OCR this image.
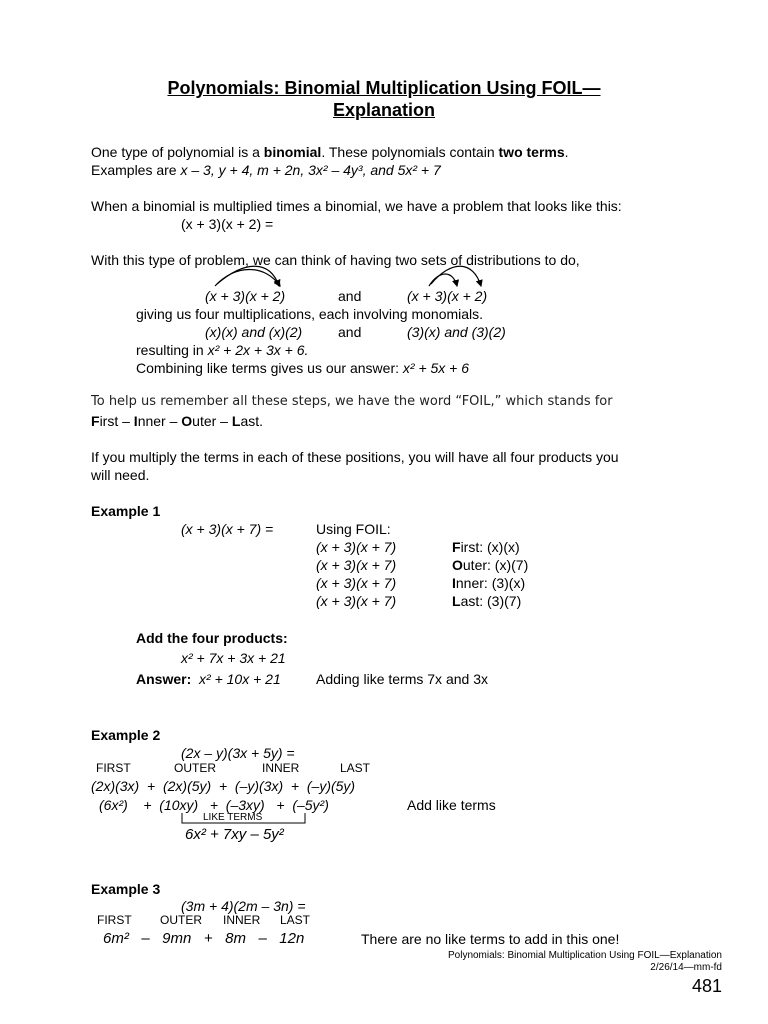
Polynomials: Binomial Multiplication Using FOIL—
Explanation
One type of polynomial is a binomial. These polynomials contain two terms.
Examples are x – 3, y + 4, m + 2n, 3x² – 4y³, and 5x² + 7
When a binomial is multiplied times a binomial, we have a problem that looks like this:
(x + 3)(x + 2) =
With this type of problem, we can think of having two sets of distributions to do,
(x + 3)(x + 2)	and	(x + 3)(x + 2)
giving us four multiplications, each involving monomials.
(x)(x) and (x)(2)	and	(3)(x) and (3)(2)
resulting in x² + 2x + 3x + 6.
Combining like terms gives us our answer: x² + 5x + 6
To help us remember all these steps, we have the word “FOIL,” which stands for
First – Inner – Outer – Last.
If you multiply the terms in each of these positions, you will have all four products you
will need.
Example 1
(x + 3)(x + 7) =	Using FOIL:
(x + 3)(x + 7)	First: (x)(x)
(x + 3)(x + 7)	Outer: (x)(7)
(x + 3)(x + 7)	Inner: (3)(x)
(x + 3)(x + 7)	Last: (3)(7)
Add the four products:
x² + 7x + 3x + 21
Answer: x² + 10x + 21	Adding like terms 7x and 3x
Example 2
(2x – y)(3x + 5y) =
FIRST	OUTER	INNER	LAST
(2x)(3x)  +  (2x)(5y)  +  (–y)(3x)  +  (–y)(5y)
(6x²)    +  (10xy)   +  (–3xy)   +  (–5y²)	Add like terms
LIKE TERMS
6x² + 7xy – 5y²
Example 3
(3m + 4)(2m – 3n) =
FIRST OUTER INNER LAST
6m²   –   9mn   +   8m   –   12n	There are no like terms to add in this one!
Polynomials: Binomial Multiplication Using FOIL—Explanation
2/26/14—mm-fd
481
